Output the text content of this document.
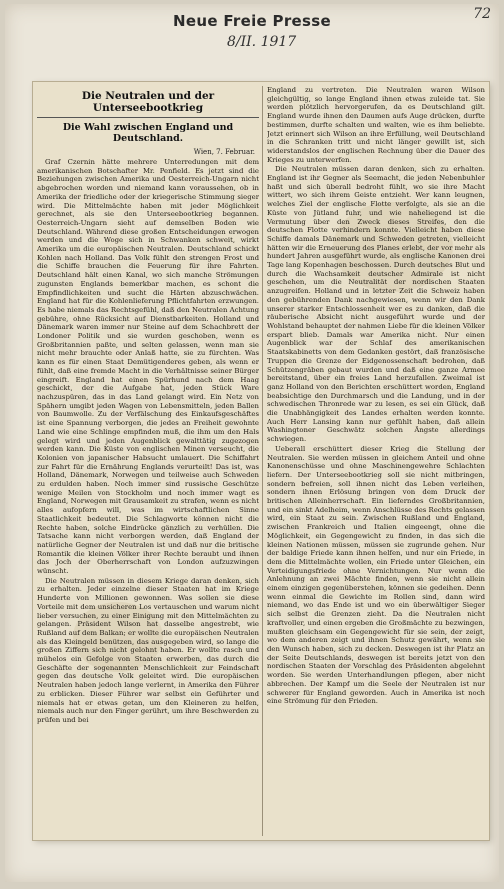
Neue Freie Presse
8/II. 1917
72
Die Neutralen und der Unterseebootkrieg
Die Wahl zwischen England und Deutschland.
Wien, 7. Februar.

Graf Czernin hätte mehrere Unterredungen mit dem amerikanischen Botschafter Mr. Penfield. Es jetzt sind die Beziehungen zwischen Amerika und Oesterreich-Ungarn nicht abgebrochen worden und niemand kann voraussehen, ob in Amerika der friedliche oder der kriegerische Stimmung sieger wird. Die Mittelmächte haben mit jeder Möglichkeit gerechnet, als sie den Unterseebootkrieg begannen. Oesterreich-Ungarn sieht auf demselben Boden wie Deutschland. Während diese großen Entscheidungen erwogen werden und die Woge sich in Schwanken schweit, wirkt Amerika um die europäischen Neutralen. Deutschland schickt Kohlen nach Holland. Das Volk fühlt den strengen Frost und die Schiffe brauchen die Feuerung für ihre Fahrten. Deutschland hält einen Kanal, wo sich manche Strömungen zugunsten Englands bemerkbar machen, es schont die Empfindlichkeiten und sucht die Härten abzuschwächen. England hat für die Kohlenlieferung Pflichtfahrten erzwungen. Es habe niemals das Rechtsgefühl, daß den Neutralen Achtung gebühre, ohne Rücksicht auf Dienstbarkeiten. Holland und Dänemark waren immer nur Steine auf dem Schachbrett der Londoner Politik und sie wurden geschoben, wenn es Großbritannien paßte, und selten gelassen, wenn man sie nicht mehr brauchte oder Anlaß hatte, sie zu fürchten. Was kann es für einen Staat Demütigenderes geben, als wenn er fühlt, daß eine fremde Macht in die Verhältnisse seiner Bürger eingreift. England hat einen Spürhund nach dem Haag geschickt, der die Aufgabe hat, jeden Stück Ware nachzuspüren, das in das Land gelangt wird. Ein Netz von Spähern umgibt jeden Wagen von Lebensmitteln, jeden Ballen von Baumwolle. Zu der Verfälschung des Einkaufsgeschäftes ist eine Spannung verborgen, die jedes an Freiheit gewohnte Land wie eine Schlinge empfinden muß, die ihm um den Hals gelegt wird und jeden Augenblick gewalttätig zugezogen werden kann. Die Küste von englischen Minen verseucht, die Kolonien von japanischer Habsucht umlauert. Die Schiffahrt zur Fahrt für die Ernährung Englands verurteilt! Das ist, was Holland, Dänemark, Norwegen und teilweise auch Schweden zu erdulden haben. Noch immer sind russische Geschütze wenige Meilen von Stockholm und noch immer wagt es England, Norwegen mit Grausamkeit zu strafen, wenn es nicht alles aufopfern will, was im wirtschaftlichen Sinne Staatlichkeit bedeutet. Die Schlagworte können nicht die Rechte haben, solche Eindrücke gänzlich zu verhüllen. Die Tatsache kann nicht verborgen werden, daß England der natürliche Gegner der Neutralen ist und daß nur die britische Romantik die kleinen Völker ihrer Rechte beraubt und ihnen das Joch der Oberherrschaft von London aufzuzwingen wünscht.

Die Neutralen müssen in diesem Kriege daran denken, sich zu erhalten. Jeder einzelne dieser Staaten hat im Kriege Hunderte von Millionen gewonnen. Was sollen sie diese Vorteile mit dem unsicheren Los vertauschen und warum nicht lieber versuchen, zu einer Einigung mit den Mittelmächten zu gelangen. Präsident Wilson hat dasselbe angestrebt, wie Rußland auf dem Balkan; er wollte die europäischen Neutralen als das Kleingeld benützen, das ausgegeben wird, so lange die großen Ziffern sich nicht gelohnt haben. Er wollte rasch und mühelos ein Gefolge von Staaten erwerben, das durch die Geschäfte der sogenannten Menschlichkeit zur Feindschaft gegen das deutsche Volk geleitet wird. Die europäischen Neutralen haben jedoch lange verlernt, in Amerika den Führer zu erblicken. Dieser Führer war selbst ein Geführter und niemals hat er etwas getan, um den Kleineren zu helfen, niemals auch nur den Finger gerührt, um ihre Beschwerden zu prüfen und bei

England zu vertreten. Die Neutralen waren Wilson gleichgültig, so lange England ihnen etwas zuleide tat. Sie werden plötzlich hervorgerufen, da es Deutschland gilt. England wurde ihnen den Daumen aufs Auge drücken, durfte bestimmen, durfte schalten und walten, wie es ihm beliebte. Jetzt erinnert sich Wilson an ihre Erfüllung, weil Deutschland in die Schranken tritt und nicht länger gewillt ist, sich widerstandslos der englischen Rechnung über die Dauer des Krieges zu unterwerfen.

Die Neutralen müssen daran denken, sich zu erhalten. England ist ihr Gegner als Seemacht, die jeden Nebenbuhler haßt und sich überall bedroht fühlt, wo sie ihre Macht wittert, wo sich ihrem Geiste entzieht. Wer kann leugnen, welches Ziel der englische Flotte verfolgte, als sie an die Küste von Jütland fuhr, und wie naheliegend ist die Vermutung über den Zweck dieses Streifes, den die deutschen Flotte verhindern konnte. Vielleicht haben diese Schiffe damals Dänemark und Schweden getreten, vielleicht hätten wir die Erneuerung des Planes erlebt, der vor mehr als hundert Jahren ausgeführt wurde, als englische Kanonen drei Tage lang Kopenhagen beschossen. Durch deutsches Blut und durch die Wachsamkeit deutscher Admirale ist nicht geschehen, um die Neutralität der nordischen Staaten anzugreifen. Holland und in letzter Zeit die Schweiz haben den gebührenden Dank nachgewiesen, wenn wir den Dank unserer starker Entschlossenheit wer es zu danken, daß die räuberische Absicht nicht ausgeführt wurde und der Wohlstand behauptet der nahmen Liebe für die kleinen Völker erspart blieb. Damals war Amerika nicht. Nur einen Augenblick war der Schlaf des amerikanischen Staatskabinetts von dem Gedanken gestört, daß französische Truppen die Grenze der Eidgenossenschaft bedrohen, daß Schützengräben gebaut wurden und daß eine ganze Armee bereitstand, über ein freies Land herzufallen. Zweimal ist ganz Holland von den Berichten erschüttert worden, England beabsichtige den Durchmarsch und die Landung, und in der schwedischen Thronrede war zu lesen, es sei ein Glück, daß die Unabhängigkeit des Landes erhalten werden konnte. Auch Herr Lansing kann nur gefühlt haben, daß allein Washingtoner Geschwätz solchen Ängste allerdings schwiegen.

Ueberall erschüttert dieser Krieg die Stellung der Neutralen. Sie werden müssen in gleichem Anteil und ohne Kanonenschüsse und ohne Maschinengewehre Schlachten liefern. Der Unterseebootkrieg soll sie nicht mitbringen, sondern befreien, soll ihnen nicht das Leben verleihen, sondern ihnen Erlösung bringen von dem Druck der britischen Alleinherrschaft. Ein lieferndes Großbritannien, und ein sinkt Adelheim, wenn Anschlüsse des Rechts gelassen wird, ein Staat zu sein. Zwischen Rußland und England, zwischen Frankreich und Italien eingeengt, ohne die Möglichkeit, ein Gegengewicht zu finden, in das sich die kleinen Nationen müssen, müssen sie zugrunde gehen. Nur der baldige Friede kann ihnen helfen, und nur ein Friede, in dem die Mittelmächte wollen, ein Friede unter Gleichen, ein Verteidigungsfriede ohne Vernichtungen. Nur wenn die Anlehnung an zwei Mächte finden, wenn sie nicht allein einem einzigen gegenüberstehen, können sie gedeihen. Denn wenn einmal die Gewichte im Rollen sind, dann wird niemand, wo das Ende ist und wo ein überwältiger Sieger sich selbst die Grenzen zieht. Da die Neutralen nicht kraftvoller, und einen ergeben die Großmächte zu bezwingen, mußten gleichsam ein Gegengewicht für sie sein, der zeigt, wo dem anderen zeigt und ihnen Schutz gewährt, wenn sie den Wunsch haben, sich zu decken. Deswegen ist ihr Platz an der Seite Deutschlands, deswegen ist bereits jetzt von den nordischen Staaten der Vorschlag des Präsidenten abgelehnt worden. Sie werden Unterhandlungen pflegen, aber nicht abbrechen. Der Kampf um die Seele der Neutralen ist nur schwerer für England geworden. Auch in Amerika ist noch eine Strömung für den Frieden.
